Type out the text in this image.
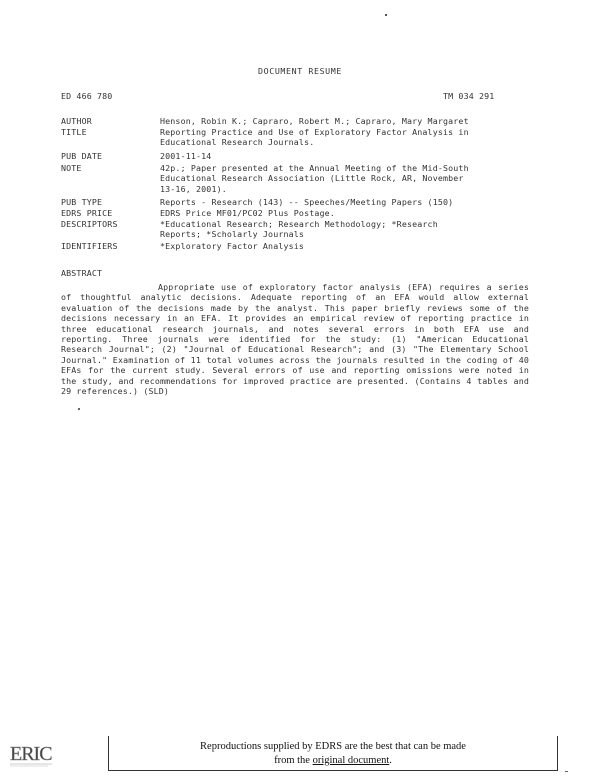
DOCUMENT RESUME
ED 466 780	TM 034 291
AUTHOR	Henson, Robin K.; Capraro, Robert M.; Capraro, Mary Margaret
TITLE	Reporting Practice and Use of Exploratory Factor Analysis in
Educational Research Journals.
PUB DATE	2001-11-14
NOTE	42p.; Paper presented at the Annual Meeting of the Mid-South
Educational Research Association (Little Rock, AR, November
13-16, 2001).
PUB TYPE	Reports - Research (143) -- Speeches/Meeting Papers (150)
EDRS PRICE	EDRS Price MF01/PC02 Plus Postage.
DESCRIPTORS	*Educational Research; Research Methodology; *Research
Reports; *Scholarly Journals
IDENTIFIERS	*Exploratory Factor Analysis
ABSTRACT
Appropriate use of exploratory factor analysis (EFA) requires a series of thoughtful analytic decisions. Adequate reporting of an EFA would allow external evaluation of the decisions made by the analyst. This paper briefly reviews some of the decisions necessary in an EFA. It provides an empirical review of reporting practice in three educational research journals, and notes several errors in both EFA use and reporting. Three journals were identified for the study: (1) "American Educational Research Journal"; (2) "Journal of Educational Research"; and (3) "The Elementary School Journal." Examination of 11 total volumes across the journals resulted in the coding of 40 EFAs for the current study. Several errors of use and reporting omissions were noted in the study, and recommendations for improved practice are presented. (Contains 4 tables and 29 references.) (SLD)
ERIC	Reproductions supplied by EDRS are the best that can be made
from the original document.
